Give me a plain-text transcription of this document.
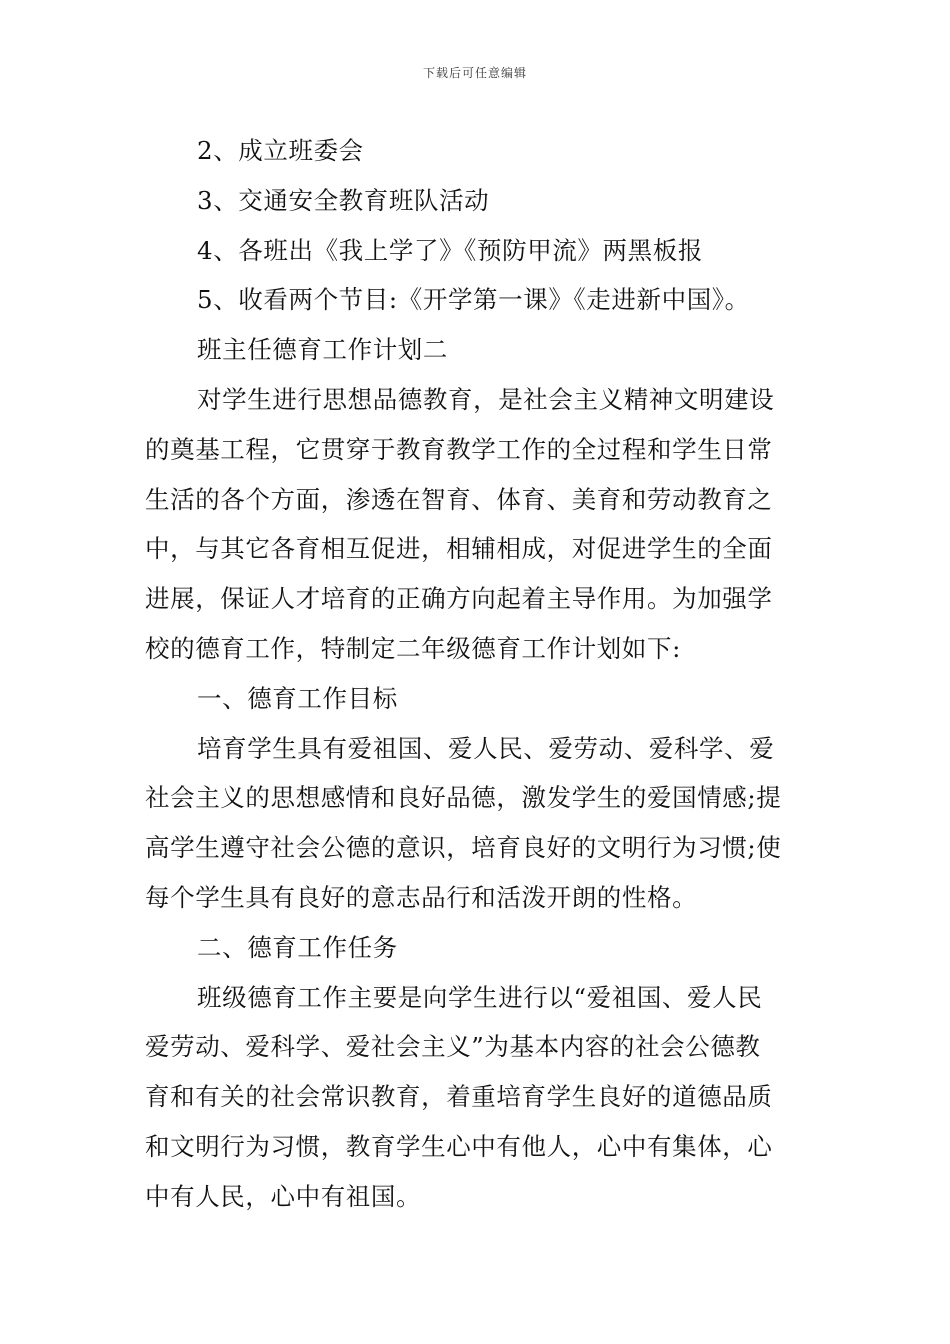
下载后可任意编辑
2、成立班委会
3、交通安全教育班队活动
4、各班出《我上学了》《预防甲流》两黑板报
5、收看两个节目:《开学第一课》《走进新中国》。
班主任德育工作计划二
对学生进行思想品德教育，是社会主义精神文明建设
的奠基工程，它贯穿于教育教学工作的全过程和学生日常
生活的各个方面，渗透在智育、体育、美育和劳动教育之
中，与其它各育相互促进，相辅相成，对促进学生的全面
进展，保证人才培育的正确方向起着主导作用。为加强学
校的德育工作，特制定二年级德育工作计划如下:
一、德育工作目标
培育学生具有爱祖国、爱人民、爱劳动、爱科学、爱
社会主义的思想感情和良好品德，激发学生的爱国情感;提
高学生遵守社会公德的意识，培育良好的文明行为习惯;使
每个学生具有良好的意志品行和活泼开朗的性格。
二、德育工作任务
班级德育工作主要是向学生进行以“爱祖国、爱人民
爱劳动、爱科学、爱社会主义”为基本内容的社会公德教
育和有关的社会常识教育，着重培育学生良好的道德品质
和文明行为习惯，教育学生心中有他人，心中有集体，心
中有人民，心中有祖国。
